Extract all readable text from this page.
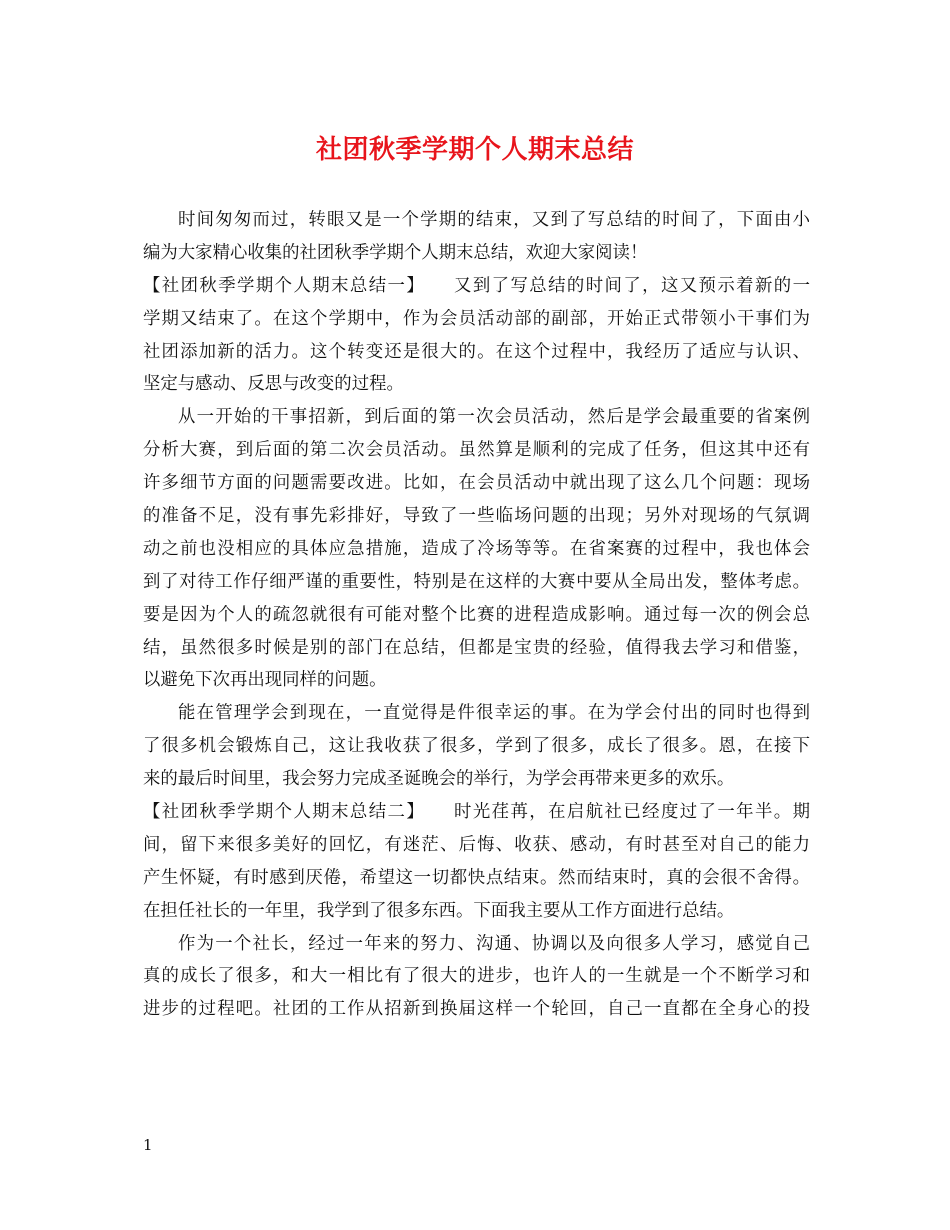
社团秋季学期个人期末总结
时间匆匆而过，转眼又是一个学期的结束，又到了写总结的时间了，下面由小
编为大家精心收集的社团秋季学期个人期末总结，欢迎大家阅读！
【社团秋季学期个人期末总结一】　　又到了写总结的时间了，这又预示着新的一
学期又结束了。在这个学期中，作为会员活动部的副部，开始正式带领小干事们为
社团添加新的活力。这个转变还是很大的。在这个过程中，我经历了适应与认识、
坚定与感动、反思与改变的过程。
从一开始的干事招新，到后面的第一次会员活动，然后是学会最重要的省案例
分析大赛，到后面的第二次会员活动。虽然算是顺利的完成了任务，但这其中还有
许多细节方面的问题需要改进。比如，在会员活动中就出现了这么几个问题：现场
的准备不足，没有事先彩排好，导致了一些临场问题的出现；另外对现场的气氛调
动之前也没相应的具体应急措施，造成了冷场等等。在省案赛的过程中，我也体会
到了对待工作仔细严谨的重要性，特别是在这样的大赛中要从全局出发，整体考虑。
要是因为个人的疏忽就很有可能对整个比赛的进程造成影响。通过每一次的例会总
结，虽然很多时候是别的部门在总结，但都是宝贵的经验，值得我去学习和借鉴，
以避免下次再出现同样的问题。
能在管理学会到现在，一直觉得是件很幸运的事。在为学会付出的同时也得到
了很多机会锻炼自己，这让我收获了很多，学到了很多，成长了很多。恩，在接下
来的最后时间里，我会努力完成圣诞晚会的举行，为学会再带来更多的欢乐。
【社团秋季学期个人期末总结二】　　时光荏苒，在启航社已经度过了一年半。期
间，留下来很多美好的回忆，有迷茫、后悔、收获、感动，有时甚至对自己的能力
产生怀疑，有时感到厌倦，希望这一切都快点结束。然而结束时，真的会很不舍得。
在担任社长的一年里，我学到了很多东西。下面我主要从工作方面进行总结。
作为一个社长，经过一年来的努力、沟通、协调以及向很多人学习，感觉自己
真的成长了很多，和大一相比有了很大的进步，也许人的一生就是一个不断学习和
进步的过程吧。社团的工作从招新到换届这样一个轮回，自己一直都在全身心的投
1
